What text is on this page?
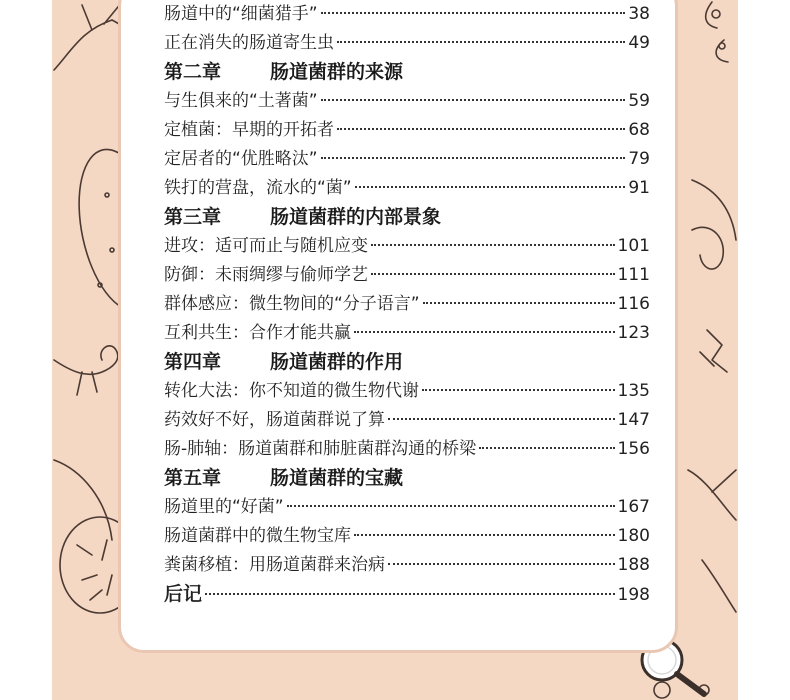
肠道中的“细菌猎手”	38
正在消失的肠道寄生虫	49
第二章	肠道菌群的来源
与生俱来的“土著菌”	59
定植菌：早期的开拓者	68
定居者的“优胜略汰”	79
铁打的营盘，流水的“菌”	91
第三章	肠道菌群的内部景象
进攻：适可而止与随机应变	101
防御：未雨绸缪与偷师学艺	111
群体感应：微生物间的“分子语言”	116
互利共生：合作才能共赢	123
第四章	肠道菌群的作用
转化大法：你不知道的微生物代谢	135
药效好不好，肠道菌群说了算	147
肠-肺轴：肠道菌群和肺脏菌群沟通的桥梁	156
第五章	肠道菌群的宝藏
肠道里的“好菌”	167
肠道菌群中的微生物宝库	180
粪菌移植：用肠道菌群来治病	188
后记	198
